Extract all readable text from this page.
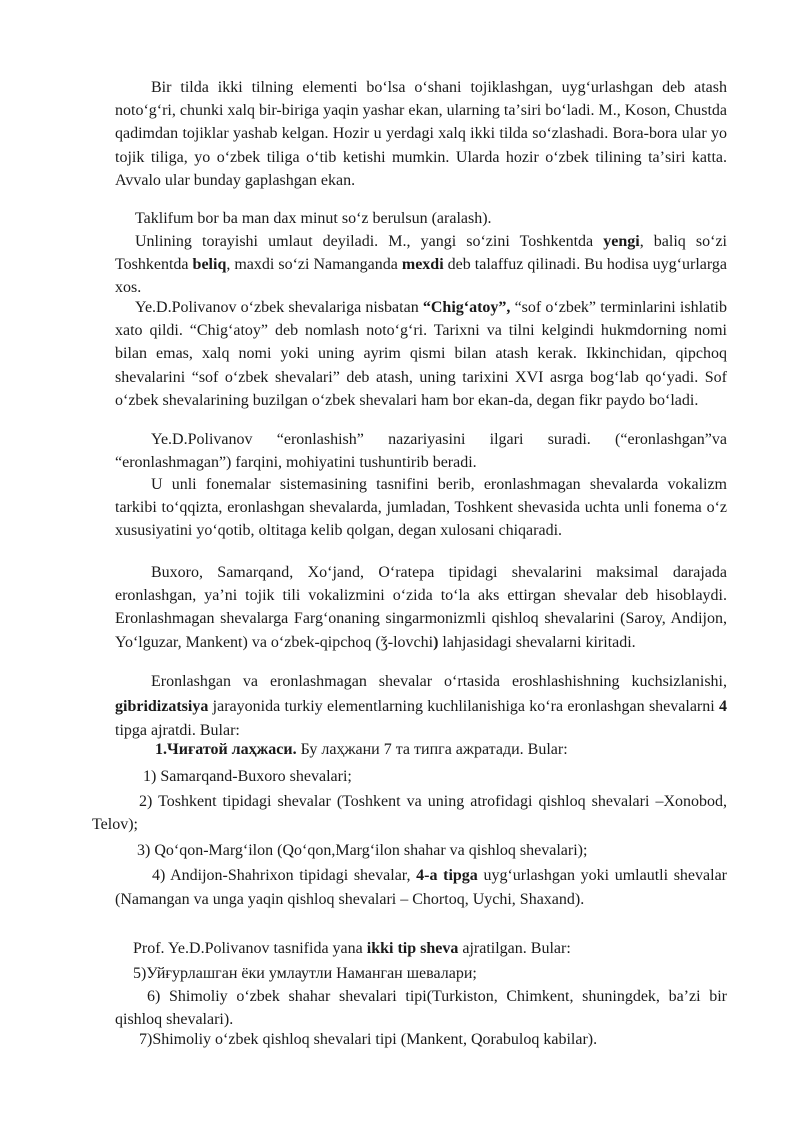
Bir tilda ikki tilning elementi boʻlsa oʻshani tojiklashgan, uygʻurlashgan deb atash notoʻgʻri, chunki xalq bir-biriga yaqin yashar ekan, ularning taʼsiri boʻladi. M., Koson, Chustda qadimdan tojiklar yashab kelgan. Hozir u yerdagi xalq ikki tilda soʻzlashadi. Bora-bora ular yo tojik tiliga, yo oʻzbek tiliga oʻtib ketishi mumkin. Ularda hozir oʻzbek tilining taʼsiri katta. Avvalo ular bunday gaplashgan ekan.

Taklifum bor ba man dax minut soʻz berulsun (aralash).

Unlining torayishi umlaut deyiladi. M., yangi soʻzini Toshkentda yengi, baliq soʻzi Toshkentda beliq, maxdi soʻzi Namanganda mexdi deb talaffuz qilinadi. Bu hodisa uygʻurlarga xos.

Ye.D.Polivanov oʻzbek shevalariga nisbatan “Chigʻatoy”, “sof oʻzbek” terminlarini ishlatib xato qildi. “Chigʻatoy” deb nomlash notoʻgʻri. Tarixni va tilni kelgindi hukmdorning nomi bilan emas, xalq nomi yoki uning ayrim qismi bilan atash kerak. Ikkinchidan, qipchoq shevalarini “sof oʻzbek shevalari” deb atash, uning tarixini XVI asrga bogʻlab qoʻyadi. Sof oʻzbek shevalarining buzilgan oʻzbek shevalari ham bor ekan-da, degan fikr paydo boʻladi.

Ye.D.Polivanov “eronlashish” nazariyasini ilgari suradi. (“eronlashgan”va “eronlashmagan”) farqini, mohiyatini tushuntirib beradi.

U unli fonemalar sistemasining tasnifini berib, eronlashmagan shevalarda vokalizm tarkibi toʻqqizta, eronlashgan shevalarda, jumladan, Toshkent shevasida uchta unli fonema oʻz xususiyatini yoʻqotib, oltitaga kelib qolgan, degan xulosani chiqaradi.

Buxoro, Samarqand, Xoʻjand, Oʻratepa tipidagi shevalarini maksimal darajada eronlashgan, yaʼni tojik tili vokalizmini oʻzida toʻla aks ettirgan shevalar deb hisoblaydi. Eronlashmagan shevalarga Fargʻonaning singarmonizmli qishloq shevalarini (Saroy, Andijon, Yoʻlguzar, Mankent) va oʻzbek-qipchoq (ǯ-lovchi) lahjasidagi shevalarni kiritadi.

Eronlashgan va eronlashmagan shevalar oʻrtasida eroshlashishning kuchsizlanishi, gibridizatsiya jarayonida turkiy elementlarning kuchlilanishiga koʻra eronlashgan shevalarni 4 tipga ajratdi. Bular:

1.Чиғатой лаҳжаси. Бу лаҳжани 7 та типга ажратади. Bular:

1) Samarqand-Buxoro shevalari;

2) Toshkent tipidagi shevalar (Toshkent va uning atrofidagi qishloq shevalari –Xonobod, Telov);

3) Qoʻqon-Margʻilon (Qoʻqon,Margʻilon shahar va qishloq shevalari);

4) Andijon-Shahrixon tipidagi shevalar, 4-a tipga uygʻurlashgan yoki umlautli shevalar (Namangan va unga yaqin qishloq shevalari – Chortoq, Uychi, Shaxand).

Prof. Ye.D.Polivanov tasnifida yana ikki tip sheva ajratilgan. Bular:

5)Уйғурлашган ёки умлаутли Наманган шевалари;

6) Shimoliy oʻzbek shahar shevalari tipi(Turkiston, Chimkent, shuningdek, baʼzi bir qishloq shevalari).

7)Shimoliy oʻzbek qishloq shevalari tipi (Mankent, Qorabuloq kabilar).
